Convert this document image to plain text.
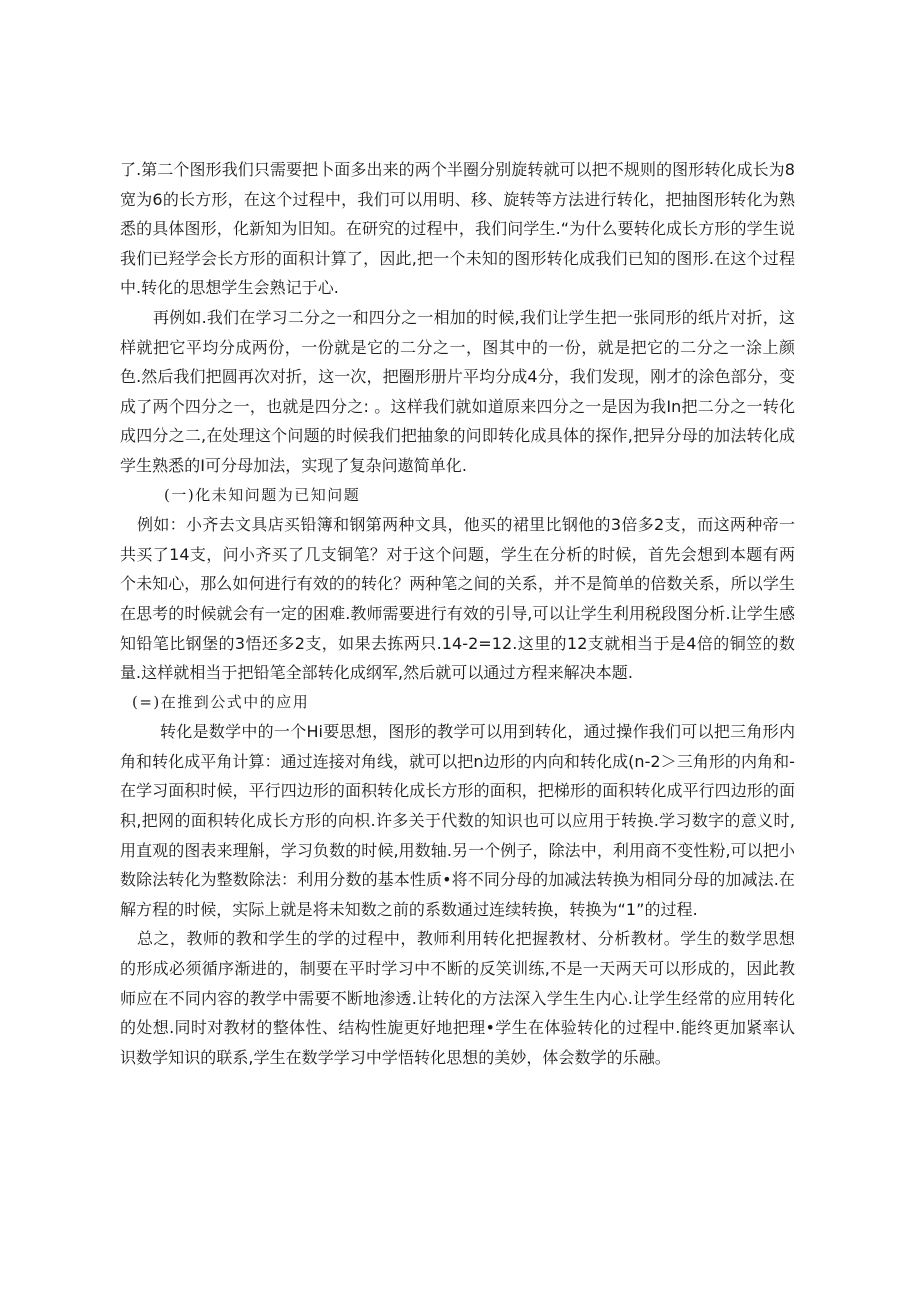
了.第二个图形我们只需要把卜面多出来的两个半圈分别旋转就可以把不规则的图形转化成长为8宽为6的长方形，在这个过程中，我们可以用明、移、旋转等方法进行转化，把抽图形转化为熟悉的具体图形，化新知为旧知。在研究的过程中，我们问学生.“为什么要转化成长方形的学生说我们已羟学会长方形的面积计算了，因此,把一个未知的图形转化成我们已知的图形.在这个过程中.转化的思想学生会熟记于心.

再例如.我们在学习二分之一和四分之一相加的时候,我们让学生把一张同形的纸片对折，这样就把它平均分成两份，一份就是它的二分之一，图其中的一份，就是把它的二分之一涂上颜色.然后我们把圆再次对折，这一次，把圈形册片平均分成4分，我们发现，刚才的涂色部分，变成了两个四分之一，也就是四分之: 。这样我们就如道原来四分之一是因为我In把二分之一转化成四分之二,在处理这个问题的时候我们把抽象的问即转化成具体的探作,把异分母的加法转化成学生熟悉的I可分母加法，实现了复杂问遨简单化.

(一)化未知问题为已知问题

例如：小齐去文具店买铅簿和钢第两种文具，他买的裙里比钢他的3倍多2支，而这两种帝一共买了14支，问小齐买了几支铜笔？对于这个问题，学生在分析的时候，首先会想到本题有两个未知心，那么如何进行有效的的转化？两种笔之间的关系，并不是简单的倍数关系，所以学生在思考的时候就会有一定的困难.教师需要进行有效的引导,可以让学生利用税段图分析.让学生感知铅笔比钢堡的3悟还多2支，如果去拣两只.14-2=12.这里的12支就相当于是4倍的铜笠的数量.这样就相当于把铅笔全部转化成纲军,然后就可以通过方程来解决本题.

(=)在推到公式中的应用

转化是数学中的一个Hi要思想，图形的教学可以用到转化，通过操作我们可以把三角形内角和转化成平角计算：通过连接对角线，就可以把n边形的内向和转化成(n-2＞三角形的内角和-在学习面积时候，平行四边形的面积转化成长方形的面积，把梯形的面积转化成平行四边形的面积,把网的面积转化成长方形的向枳.许多关于代数的知识也可以应用于转换.学习数字的意义时,用直观的图表来理斛，学习负数的时候,用数轴.另一个例子，除法中，利用商不变性粉,可以把小数除法转化为整数除法：利用分数的基本性质•将不同分母的加减法转换为相同分母的加减法.在解方程的时候，实际上就是将未知数之前的系数通过连续转换，转换为“1”的过程.

总之，教师的教和学生的学的过程中，教师利用转化把握教材、分析教材。学生的数学思想的形成必须循序渐进的，制要在平时学习中不断的反笑训练,不是一天两天可以形成的，因此教师应在不同内容的教学中需要不断地渗透.让转化的方法深入学生生内心.让学生经常的应用转化的处想.同时对教材的整体性、结构性旎更好地把理•学生在体验转化的过程中.能终更加紧率认识数学知识的联系,学生在数学学习中学悟转化思想的美妙，体会数学的乐融。
